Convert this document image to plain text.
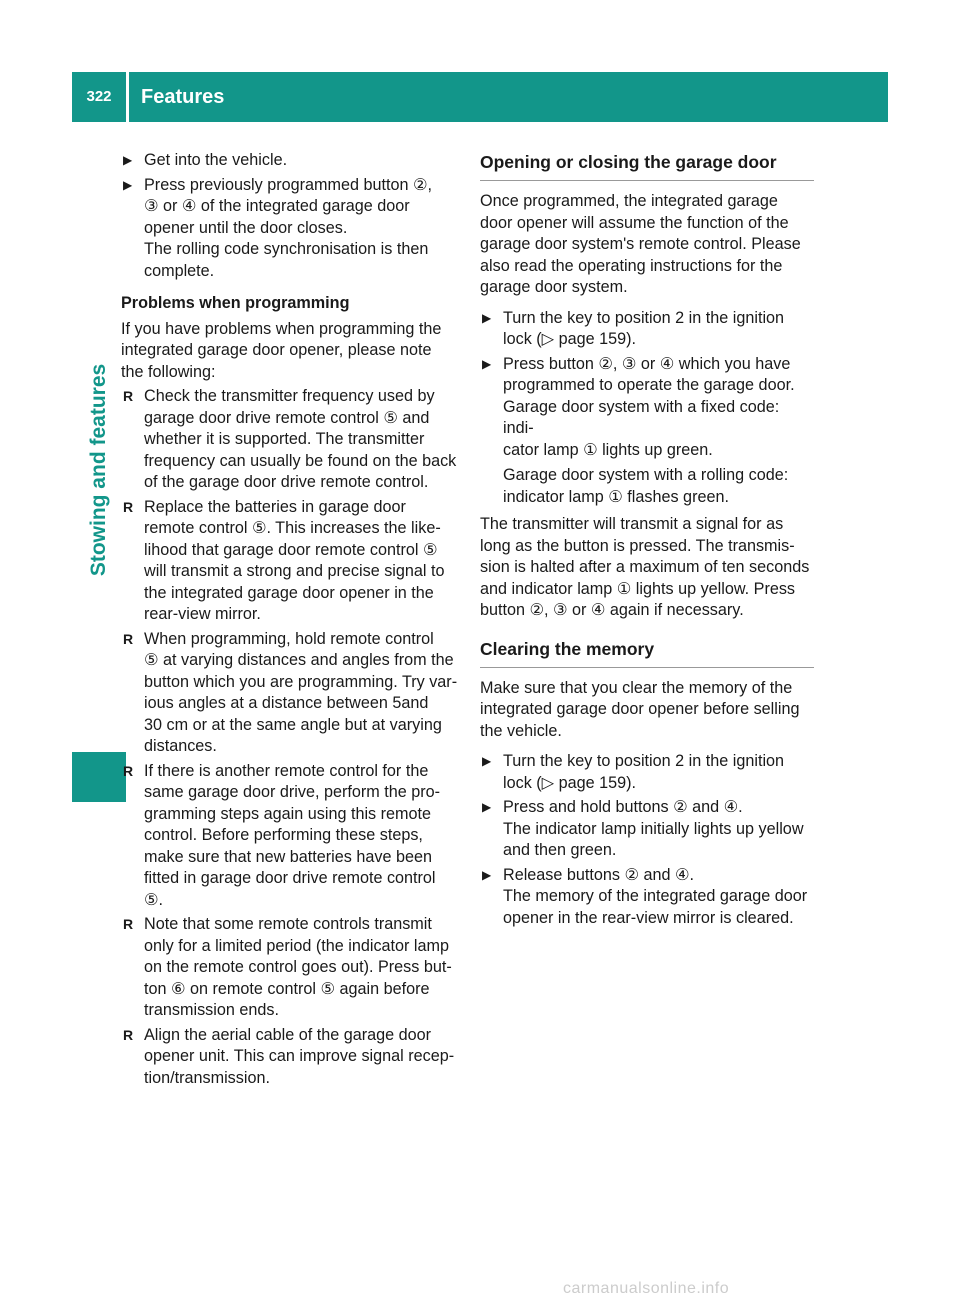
322	Features
Stowing and features
▶ Get into the vehicle.
▶ Press previously programmed button ②,
③ or ④ of the integrated garage door
opener until the door closes.
The rolling code synchronisation is then
complete.
Problems when programming
If you have problems when programming the
integrated garage door opener, please note
the following:
R Check the transmitter frequency used by
garage door drive remote control ⑤ and
whether it is supported. The transmitter
frequency can usually be found on the back
of the garage door drive remote control.
R Replace the batteries in garage door
remote control ⑤. This increases the like-
lihood that garage door remote control ⑤
will transmit a strong and precise signal to
the integrated garage door opener in the
rear-view mirror.
R When programming, hold remote control
⑤ at varying distances and angles from the
button which you are programming. Try var-
ious angles at a distance between 5and
30 cm or at the same angle but at varying
distances.
R If there is another remote control for the
same garage door drive, perform the pro-
gramming steps again using this remote
control. Before performing these steps,
make sure that new batteries have been
fitted in garage door drive remote control
⑤.
R Note that some remote controls transmit
only for a limited period (the indicator lamp
on the remote control goes out). Press but-
ton ⑥ on remote control ⑤ again before
transmission ends.
R Align the aerial cable of the garage door
opener unit. This can improve signal recep-
tion/transmission.
Opening or closing the garage door
Once programmed, the integrated garage
door opener will assume the function of the
garage door system's remote control. Please
also read the operating instructions for the
garage door system.
▶ Turn the key to position 2 in the ignition
lock (▷ page 159).
▶ Press button ②, ③ or ④ which you have
programmed to operate the garage door.
Garage door system with a fixed code: indi-
cator lamp ① lights up green.
Garage door system with a rolling code:
indicator lamp ① flashes green.
The transmitter will transmit a signal for as
long as the button is pressed. The transmis-
sion is halted after a maximum of ten seconds
and indicator lamp ① lights up yellow. Press
button ②, ③ or ④ again if necessary.
Clearing the memory
Make sure that you clear the memory of the
integrated garage door opener before selling
the vehicle.
▶ Turn the key to position 2 in the ignition
lock (▷ page 159).
▶ Press and hold buttons ② and ④.
The indicator lamp initially lights up yellow
and then green.
▶ Release buttons ② and ④.
The memory of the integrated garage door
opener in the rear-view mirror is cleared.
carmanualsonline.info
